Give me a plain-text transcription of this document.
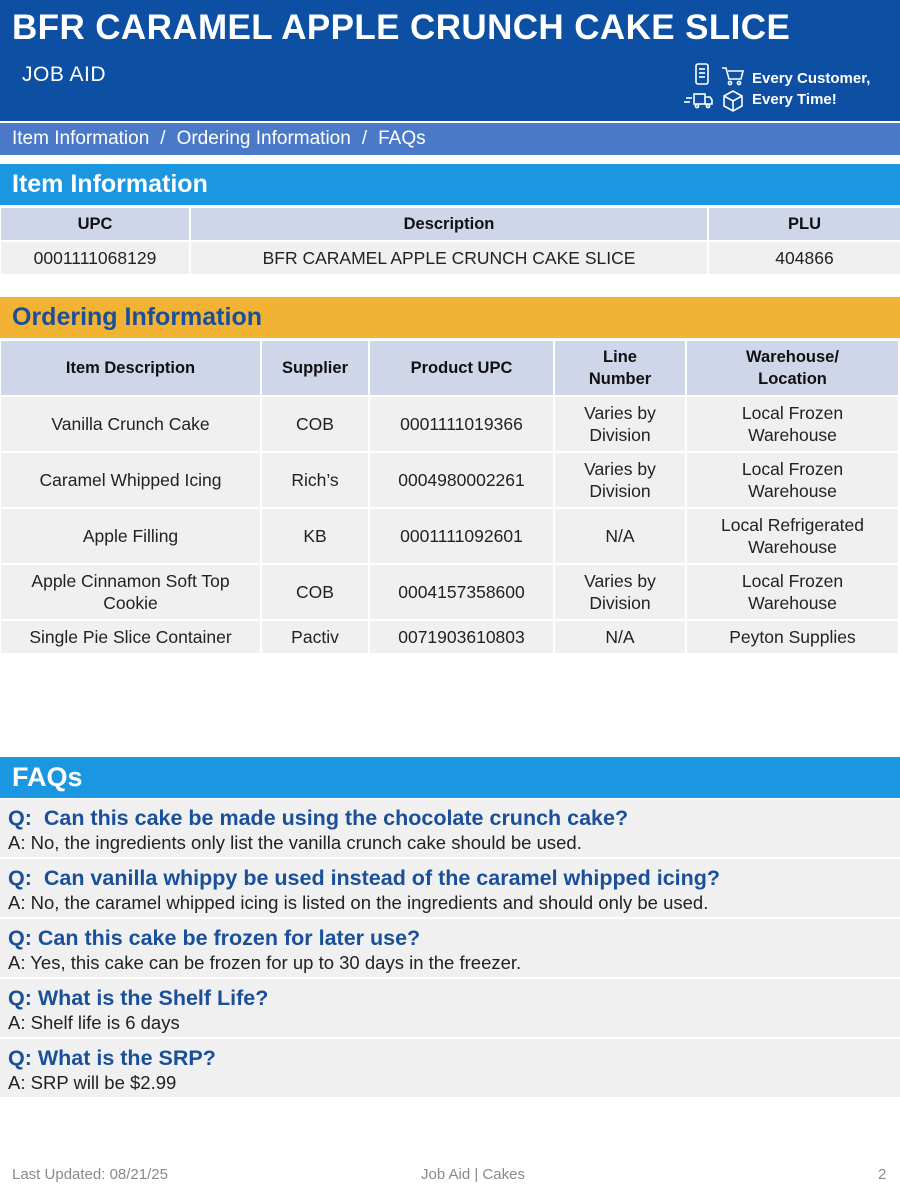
BFR CARAMEL APPLE CRUNCH CAKE SLICE
JOB AID	Every Customer,
Every Time!
Item Information / Ordering Information / FAQs
Item Information
UPC	Description	PLU
0001111068129	BFR CARAMEL APPLE CRUNCH CAKE SLICE	404866
Ordering Information
Item Description	Supplier	Product UPC	Line Number	Warehouse/ Location
Vanilla Crunch Cake	COB	0001111019366	Varies by Division	Local Frozen Warehouse
Caramel Whipped Icing	Rich’s	0004980002261	Varies by Division	Local Frozen Warehouse
Apple Filling	KB	0001111092601	N/A	Local Refrigerated Warehouse
Apple Cinnamon Soft Top Cookie	COB	0004157358600	Varies by Division	Local Frozen Warehouse
Single Pie Slice Container	Pactiv	0071903610803	N/A	Peyton Supplies
FAQs
Q:  Can this cake be made using the chocolate crunch cake?
A: No, the ingredients only list the vanilla crunch cake should be used.
Q:  Can vanilla whippy be used instead of the caramel whipped icing?
A: No, the caramel whipped icing is listed on the ingredients and should only be used.
Q: Can this cake be frozen for later use?
A: Yes, this cake can be frozen for up to 30 days in the freezer.
Q: What is the Shelf Life?
A: Shelf life is 6 days
Q: What is the SRP?
A: SRP will be $2.99
Last Updated: 08/21/25	Job Aid | Cakes	2
